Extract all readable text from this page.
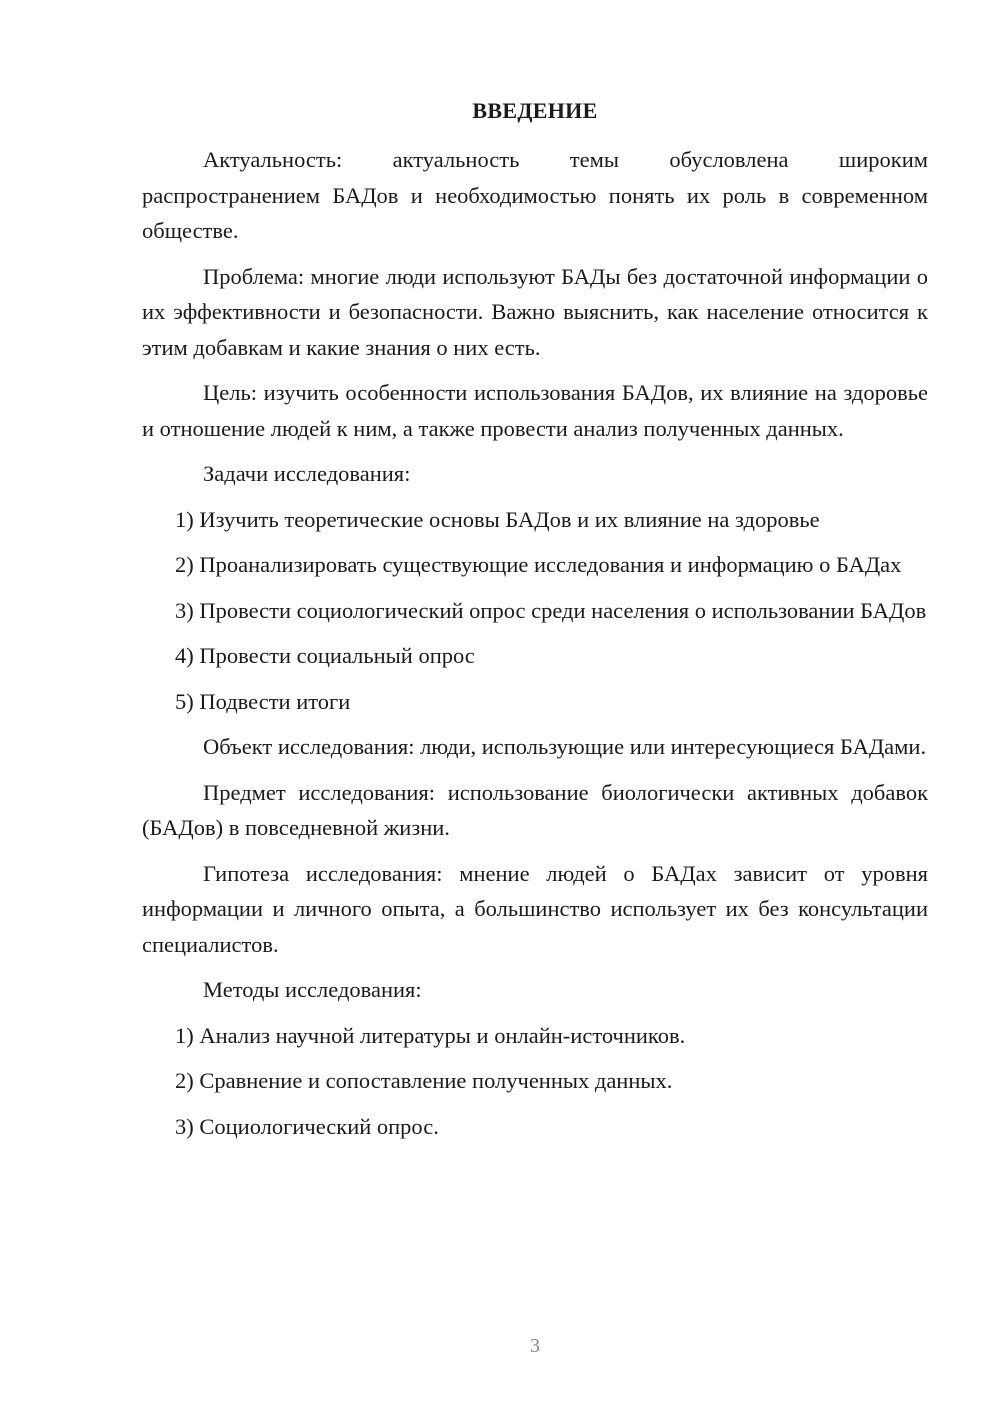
ВВЕДЕНИЕ

Актуальность: актуальность темы обусловлена широким распространением БАДов и необходимостью понять их роль в современном обществе.

Проблема: многие люди используют БАДы без достаточной информации о их эффективности и безопасности. Важно выяснить, как население относится к этим добавкам и какие знания о них есть.

Цель: изучить особенности использования БАДов, их влияние на здоровье и отношение людей к ним, а также провести анализ полученных данных.

Задачи исследования:

1) Изучить теоретические основы БАДов и их влияние на здоровье

2) Проанализировать существующие исследования и информацию о БАДах

3) Провести социологический опрос среди населения о использовании БАДов

4) Провести социальный опрос

5) Подвести итоги

Объект исследования: люди, использующие или интересующиеся БАДами.

Предмет исследования: использование биологически активных добавок (БАДов) в повседневной жизни.

Гипотеза исследования: мнение людей о БАДах зависит от уровня информации и личного опыта, а большинство использует их без консультации специалистов.

Методы исследования:

1) Анализ научной литературы и онлайн-источников.

2) Сравнение и сопоставление полученных данных.

3) Социологический опрос.

3
